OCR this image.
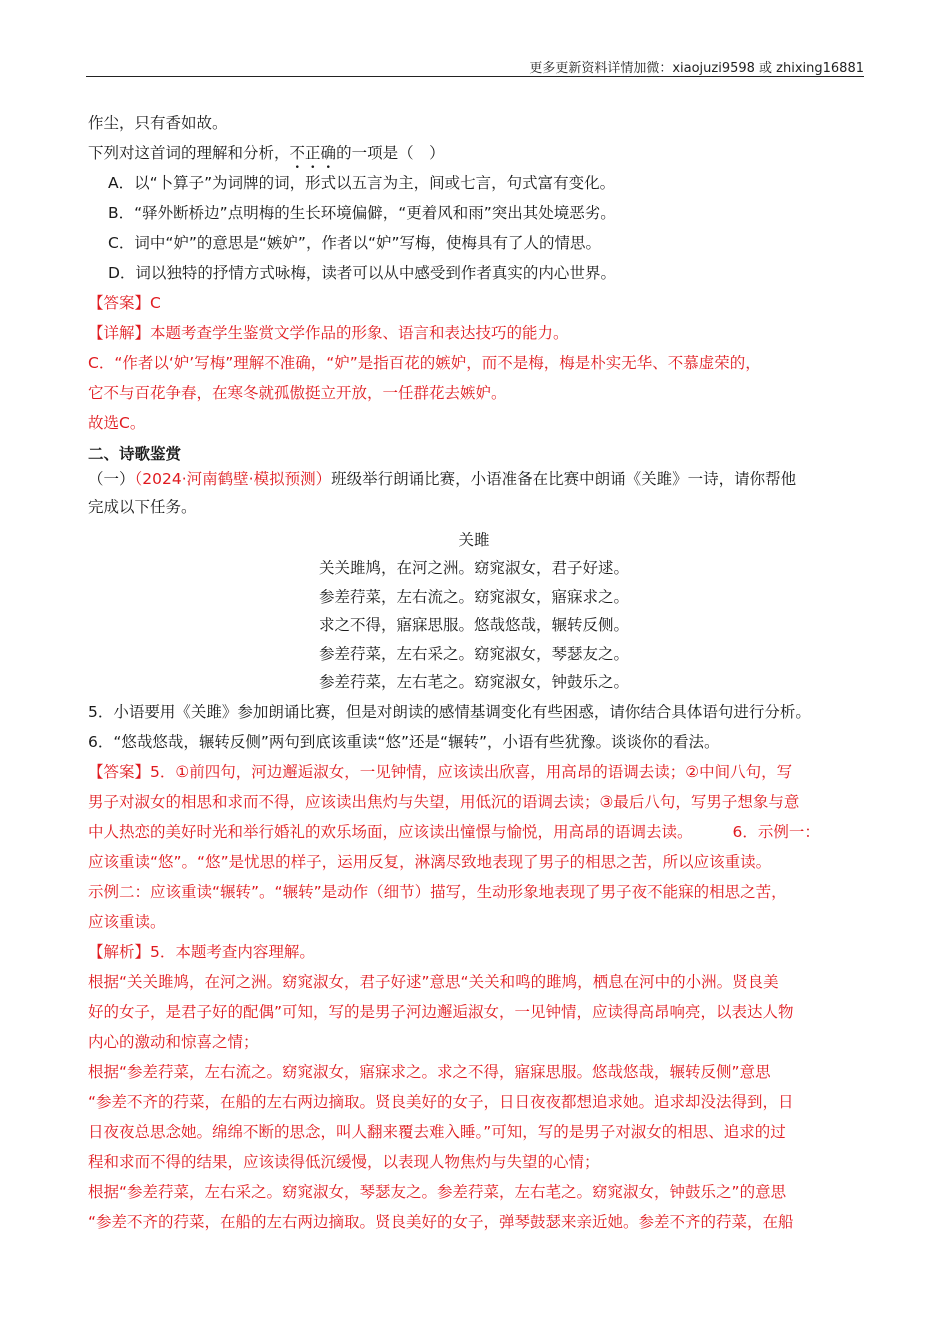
更多更新资料详情加微：xiaojuzi9598 或 zhixing16881

作尘，只有香如故。

下列对这首词的理解和分析，不正确的一项是（　）

A．以“卜算子”为词牌的词，形式以五言为主，间或七言，句式富有变化。

B．“驿外断桥边”点明梅的生长环境偏僻，“更着风和雨”突出其处境恶劣。

C．词中“妒”的意思是“嫉妒”，作者以“妒”写梅，使梅具有了人的情思。

D．词以独特的抒情方式咏梅，读者可以从中感受到作者真实的内心世界。

【答案】C

【详解】本题考查学生鉴赏文学作品的形象、语言和表达技巧的能力。

C．“作者以‘妒’写梅”理解不准确，“妒”是指百花的嫉妒，而不是梅，梅是朴实无华、不慕虚荣的，

它不与百花争春，在寒冬就孤傲挺立开放，一任群花去嫉妒。

故选C。

二、诗歌鉴赏

（一）（2024·河南鹤壁·模拟预测）班级举行朗诵比赛，小语准备在比赛中朗诵《关雎》一诗，请你帮他

完成以下任务。

关雎

关关雎鸠，在河之洲。窈窕淑女，君子好逑。

参差荇菜，左右流之。窈窕淑女，寤寐求之。

求之不得，寤寐思服。悠哉悠哉，辗转反侧。

参差荇菜，左右采之。窈窕淑女，琴瑟友之。

参差荇菜，左右芼之。窈窕淑女，钟鼓乐之。

5．小语要用《关雎》参加朗诵比赛，但是对朗读的感情基调变化有些困惑，请你结合具体语句进行分析。

6．“悠哉悠哉，辗转反侧”两句到底该重读“悠”还是“辗转”，小语有些犹豫。谈谈你的看法。

【答案】5．①前四句，河边邂逅淑女，一见钟情，应该读出欣喜，用高昂的语调去读；②中间八句，写

男子对淑女的相思和求而不得，应该读出焦灼与失望，用低沉的语调去读；③最后八句，写男子想象与意

中人热恋的美好时光和举行婚礼的欢乐场面，应该读出憧憬与愉悦，用高昂的语调去读。	6．示例一：

应该重读“悠”。“悠”是忧思的样子，运用反复，淋漓尽致地表现了男子的相思之苦，所以应该重读。

示例二：应该重读“辗转”。“辗转”是动作（细节）描写，生动形象地表现了男子夜不能寐的相思之苦，

应该重读。

【解析】5．本题考查内容理解。

根据“关关雎鸠，在河之洲。窈窕淑女，君子好逑”意思“关关和鸣的雎鸠，栖息在河中的小洲。贤良美

好的女子，是君子好的配偶”可知，写的是男子河边邂逅淑女，一见钟情，应读得高昂响亮，以表达人物

内心的激动和惊喜之情；

根据“参差荇菜，左右流之。窈窕淑女，寤寐求之。求之不得，寤寐思服。悠哉悠哉，辗转反侧”意思

“参差不齐的荇菜，在船的左右两边摘取。贤良美好的女子，日日夜夜都想追求她。追求却没法得到，日

日夜夜总思念她。绵绵不断的思念，叫人翻来覆去难入睡。”可知，写的是男子对淑女的相思、追求的过

程和求而不得的结果，应该读得低沉缓慢，以表现人物焦灼与失望的心情；

根据“参差荇菜，左右采之。窈窕淑女，琴瑟友之。参差荇菜，左右芼之。窈窕淑女，钟鼓乐之”的意思

“参差不齐的荇菜，在船的左右两边摘取。贤良美好的女子，弹琴鼓瑟来亲近她。参差不齐的荇菜，在船
